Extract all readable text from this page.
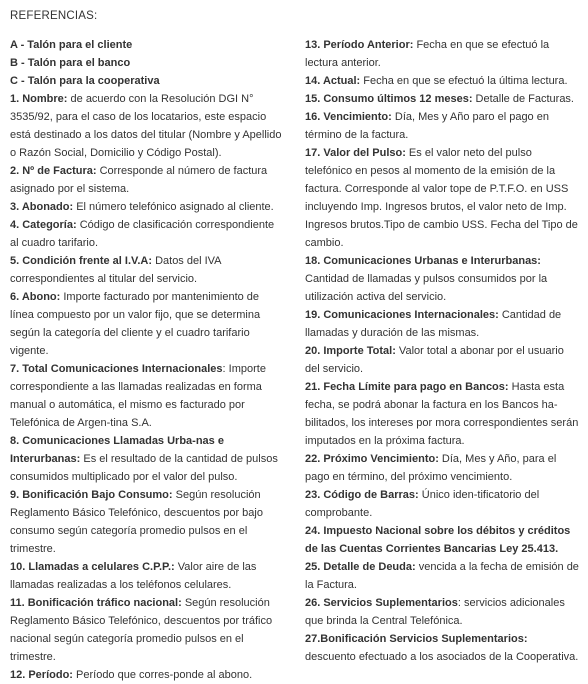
REFERENCIAS:

A - Talón para el cliente

B - Talón para el banco

C - Talón para la cooperativa

1. Nombre: de acuerdo con la Resolución DGI N° 3535/92, para el caso de los locatarios, este espacio está destinado a los datos del titular (Nombre y Apellido o Razón Social, Domicilio y Código Postal).

2. Nº de Factura: Corresponde al número de factura asignado por el sistema.

3. Abonado: El número telefónico asignado al cliente.

4. Categoría: Código de clasificación correspondiente al cuadro tarifario.

5. Condición frente al I.V.A: Datos del IVA correspondientes al titular del servicio.

6. Abono: Importe facturado por mantenimiento de línea compuesto por un valor fijo, que se determina según la categoría del cliente y el cuadro tarifario vigente.

7. Total Comunicaciones Internacionales: Importe correspondiente a las llamadas realizadas en forma manual o automática, el mismo es facturado por Telefónica de Argen-tina S.A.

8. Comunicaciones Llamadas Urba-nas e Interurbanas: Es el resultado de la cantidad de pulsos consumidos multiplicado por el valor del pulso.

9. Bonificación Bajo Consumo: Según resolución Reglamento Básico Telefónico, descuentos por bajo consumo según categoría promedio pulsos en el trimestre.

10. Llamadas a celulares C.P.P.: Valor aire de las llamadas realizadas a los teléfonos celulares.

11. Bonificación tráfico nacional: Según resolución Reglamento Básico Telefónico, descuentos por tráfico nacional según categoría promedio pulsos en el trimestre.

12. Período: Período que corres-ponde al abono.

13. Período Anterior: Fecha en que se efectuó la lectura anterior.

14. Actual: Fecha en que se efectuó la última lectura.

15. Consumo últimos 12 meses: Detalle de Facturas.

16. Vencimiento: Día, Mes y Año paro el pago en término de la factura.

17. Valor del Pulso: Es el valor neto del pulso telefónico en pesos al momento de la emisión de la factura. Corresponde al valor tope de P.T.F.O. en USS incluyendo Imp. Ingresos brutos, el valor neto de Imp. Ingresos brutos.Tipo de cambio USS. Fecha del Tipo de cambio.

18. Comunicaciones Urbanas e Interurbanas: Cantidad de llamadas y pulsos consumidos por la utilización activa del servicio.

19. Comunicaciones Internacionales: Cantidad de llamadas y duración de las mismas.

20. Importe Total: Valor total a abonar por el usuario del servicio.

21. Fecha Límite para pago en Bancos: Hasta esta fecha, se podrá abonar la factura en los Bancos ha-bilitados, los intereses por mora correspondientes serán imputados en la próxima factura.

22. Próximo Vencimiento: Día, Mes y Año, para el pago en término, del próximo vencimiento.

23. Código de Barras: Único iden-tificatorio del comprobante.

24. Impuesto Nacional sobre los débitos y créditos de las Cuentas Corrientes Bancarias Ley 25.413.

25. Detalle de Deuda: vencida a la fecha de emisión de la Factura.

26. Servicios Suplementarios: servicios adicionales que brinda la Central Telefónica.

27.Bonificación Servicios Suplementarios: descuento efectuado a los asociados de la Cooperativa.
